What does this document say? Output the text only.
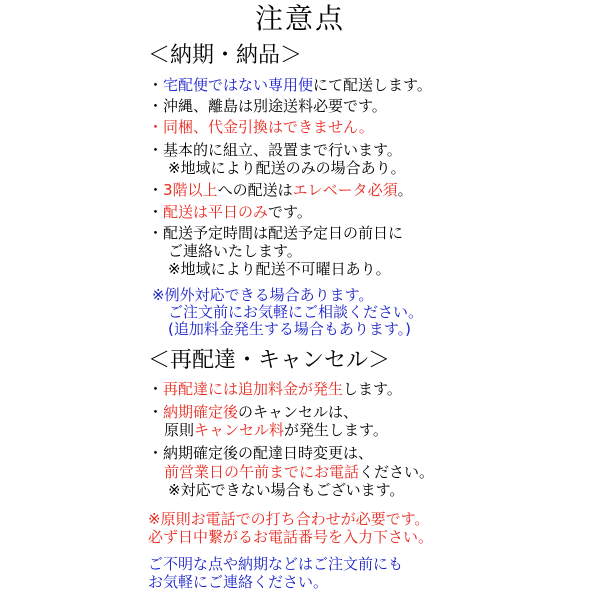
注意点
＜納期・納品＞
・宅配便ではない専用便にて配送します。
・沖縄、離島は別途送料必要です。
・同梱、代金引換はできません。
・基本的に組立、設置まで行います。
※地域により配送のみの場合あり。
・3階以上への配送はエレベータ必須。
・配送は平日のみです。
・配送予定時間は配送予定日の前日に
ご連絡いたします。
※地域により配送不可曜日あり。
※例外対応できる場合あります。
ご注文前にお気軽にご相談ください。
(追加料金発生する場合もあります。)
＜再配達・キャンセル＞
・再配達には追加料金が発生します。
・納期確定後のキャンセルは、
原則キャンセル料が発生します。
・納期確定後の配達日時変更は、
前営業日の午前までにお電話ください。
※対応できない場合もございます。
※原則お電話での打ち合わせが必要です。
必ず日中繋がるお電話番号を入力下さい。
ご不明な点や納期などはご注文前にも
お気軽にご連絡ください。
